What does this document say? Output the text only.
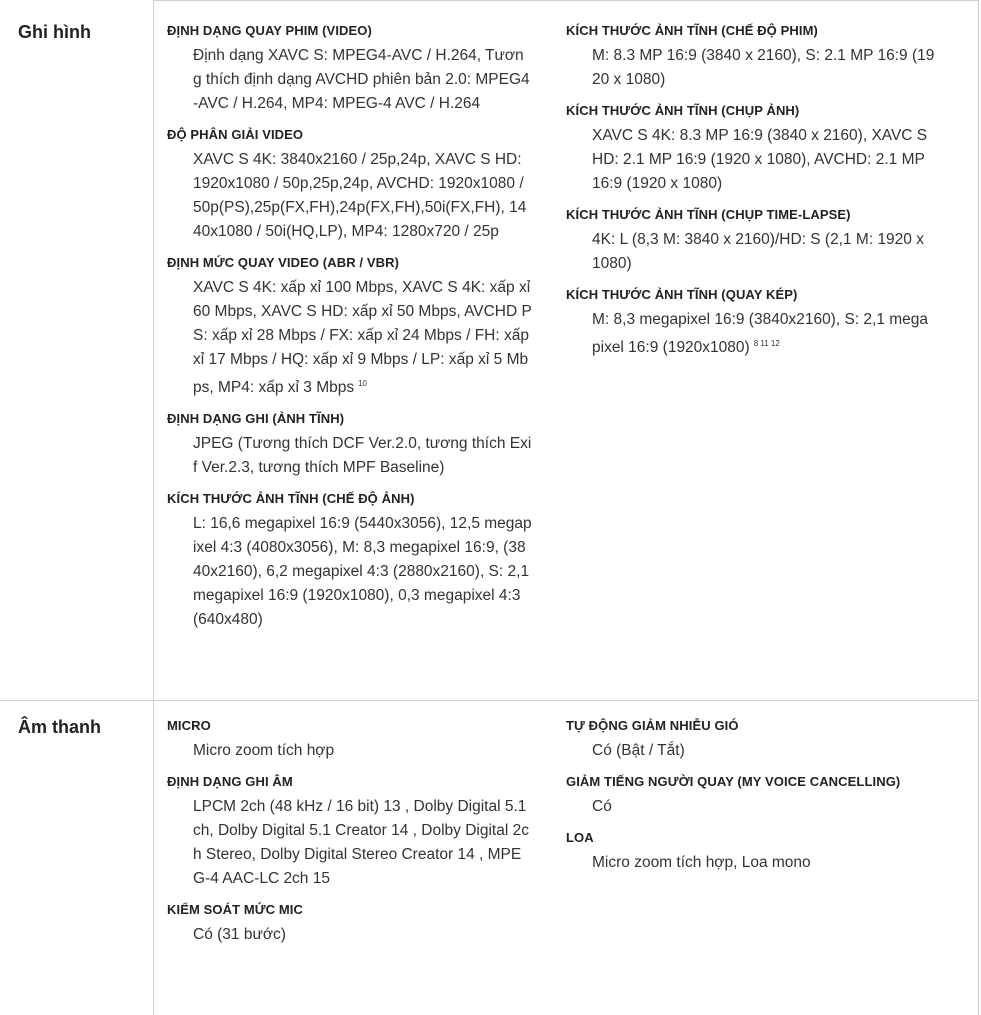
Ghi hình	ĐỊNH DẠNG QUAY PHIM (VIDEO)
Định dạng XAVC S: MPEG4-AVC / H.264, Tương thích định dạng AVCHD phiên bản 2.0: MPEG4-AVC / H.264, MP4: MPEG-4 AVC / H.264
ĐỘ PHÂN GIẢI VIDEO
XAVC S 4K: 3840x2160 / 25p,24p, XAVC S HD: 1920x1080 / 50p,25p,24p, AVCHD: 1920x1080 / 50p(PS),25p(FX,FH),24p(FX,FH),50i(FX,FH), 1440x1080 / 50i(HQ,LP), MP4: 1280x720 / 25p
ĐỊNH MỨC QUAY VIDEO (ABR / VBR)
XAVC S 4K: xấp xỉ 100 Mbps, XAVC S 4K: xấp xỉ 60 Mbps, XAVC S HD: xấp xỉ 50 Mbps, AVCHD PS: xấp xỉ 28 Mbps / FX: xấp xỉ 24 Mbps / FH: xấp xỉ 17 Mbps / HQ: xấp xỉ 9 Mbps / LP: xấp xỉ 5 Mbps, MP4: xấp xỉ 3 Mbps $^{10}$
ĐỊNH DẠNG GHI (ẢNH TĨNH)
JPEG (Tương thích DCF Ver.2.0, tương thích Exif Ver.2.3, tương thích MPF Baseline)
KÍCH THƯỚC ẢNH TĨNH (CHẾ ĐỘ ẢNH)
L: 16,6 megapixel 16:9 (5440x3056), 12,5 megapixel 4:3 (4080x3056), M: 8,3 megapixel 16:9, (3840x2160), 6,2 megapixel 4:3 (2880x2160), S: 2,1 megapixel 16:9 (1920x1080), 0,3 megapixel 4:3 (640x480)
KÍCH THƯỚC ẢNH TĨNH (CHẾ ĐỘ PHIM)
M: 8.3 MP 16:9 (3840 x 2160), S: 2.1 MP 16:9 (1920 x 1080)
KÍCH THƯỚC ẢNH TĨNH (CHỤP ẢNH)
XAVC S 4K: 8.3 MP 16:9 (3840 x 2160), XAVC S HD: 2.1 MP 16:9 (1920 x 1080), AVCHD: 2.1 MP 16:9 (1920 x 1080)
KÍCH THƯỚC ẢNH TĨNH (CHỤP TIME-LAPSE)
4K: L (8,3 M: 3840 x 2160)/HD: S (2,1 M: 1920 x 1080)
KÍCH THƯỚC ẢNH TĨNH (QUAY KÉP)
M: 8,3 megapixel 16:9 (3840x2160), S: 2,1 megapixel 16:9 (1920x1080) $^{8 11 12}$
Âm thanh	MICRO
Micro zoom tích hợp
ĐỊNH DẠNG GHI ÂM
LPCM 2ch (48 kHz / 16 bit) 13 , Dolby Digital 5.1ch, Dolby Digital 5.1 Creator 14 , Dolby Digital 2ch Stereo, Dolby Digital Stereo Creator 14 , MPEG-4 AAC-LC 2ch 15
KIỂM SOÁT MỨC MIC
Có (31 bước)
TỰ ĐỘNG GIẢM NHIỄU GIÓ
Có (Bật / Tắt)
GIẢM TIẾNG NGƯỜI QUAY (MY VOICE CANCELLING)
Có
LOA
Micro zoom tích hợp, Loa mono
